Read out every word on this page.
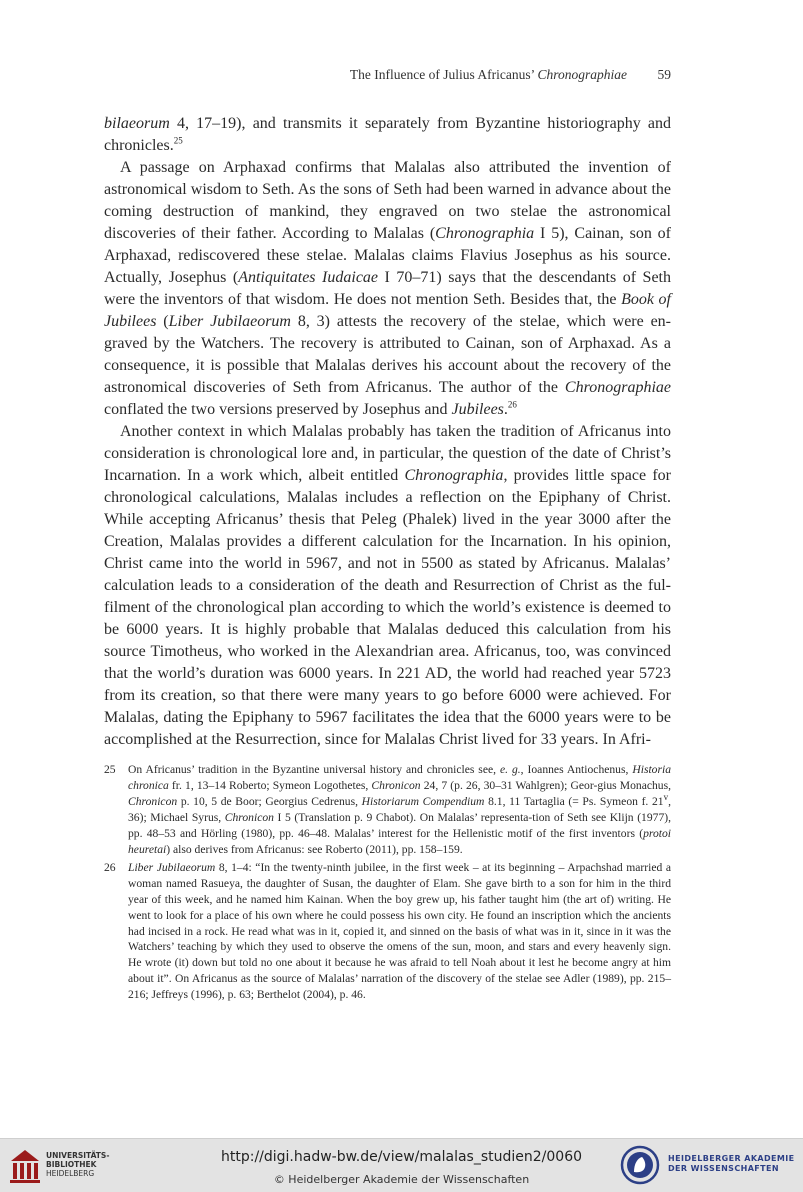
The Influence of Julius Africanus’ Chronographiae 59

bilaeorum 4, 17–19), and transmits it separately from Byzantine historiography and chronicles.$^{25}$

A passage on Arphaxad confirms that Malalas also attributed the invention of astronomical wisdom to Seth. As the sons of Seth had been warned in advance about the coming destruction of mankind, they engraved on two stelae the astronomical discoveries of their father. According to Malalas (Chronographia I 5), Cainan, son of Arphaxad, rediscovered these stelae. Malalas claims Flavius Josephus as his source. Actually, Josephus (Antiquitates Iudaicae I 70–71) says that the descendants of Seth were the inventors of that wisdom. He does not mention Seth. Besides that, the Book of Jubilees (Liber Jubilaeorum 8, 3) attests the recovery of the stelae, which were en-graved by the Watchers. The recovery is attributed to Cainan, son of Arphaxad. As a consequence, it is possible that Malalas derives his account about the recovery of the astronomical discoveries of Seth from Africanus. The author of the Chronographiae conflated the two versions preserved by Josephus and Jubilees.$^{26}$

Another context in which Malalas probably has taken the tradition of Africanus into consideration is chronological lore and, in particular, the question of the date of Christ’s Incarnation. In a work which, albeit entitled Chronographia, provides little space for chronological calculations, Malalas includes a reflection on the Epiphany of Christ. While accepting Africanus’ thesis that Peleg (Phalek) lived in the year 3000 after the Creation, Malalas provides a different calculation for the Incarnation. In his opinion, Christ came into the world in 5967, and not in 5500 as stated by Africanus. Malalas’ calculation leads to a consideration of the death and Resurrection of Christ as the ful-filment of the chronological plan according to which the world’s existence is deemed to be 6000 years. It is highly probable that Malalas deduced this calculation from his source Timotheus, who worked in the Alexandrian area. Africanus, too, was convinced that the world’s duration was 6000 years. In 221 AD, the world had reached year 5723 from its creation, so that there were many years to go before 6000 were achieved. For Malalas, dating the Epiphany to 5967 facilitates the idea that the 6000 years were to be accomplished at the Resurrection, since for Malalas Christ lived for 33 years. In Afri-

25 On Africanus’ tradition in the Byzantine universal history and chronicles see, e. g., Ioannes Antiochenus, Historia chronica fr. 1, 13–14 Roberto; Symeon Logothetes, Chronicon 24, 7 (p. 26, 30–31 Wahlgren); Geor-gius Monachus, Chronicon p. 10, 5 de Boor; Georgius Cedrenus, Historiarum Compendium 8.1, 11 Tartaglia (= Ps. Symeon f. 21$^v$, 36); Michael Syrus, Chronicon I 5 (Translation p. 9 Chabot). On Malalas’ representa-tion of Seth see Klijn (1977), pp. 48–53 and Hörling (1980), pp. 46–48. Malalas’ interest for the Hellenistic motif of the first inventors (protoi heuretai) also derives from Africanus: see Roberto (2011), pp. 158–159.
26 Liber Jubilaeorum 8, 1–4: “In the twenty-ninth jubilee, in the first week – at its beginning – Arpachshad married a woman named Rasueya, the daughter of Susan, the daughter of Elam. She gave birth to a son for him in the third year of this week, and he named him Kainan. When the boy grew up, his father taught him (the art of) writing. He went to look for a place of his own where he could possess his own city. He found an inscription which the ancients had incised in a rock. He read what was in it, copied it, and sinned on the basis of what was in it, since in it was the Watchers’ teaching by which they used to observe the omens of the sun, moon, and stars and every heavenly sign. He wrote (it) down but told no one about it because he was afraid to tell Noah about it lest he become angry at him about it”. On Africanus as the source of Malalas’ narration of the discovery of the stelae see Adler (1989), pp. 215–216; Jeffreys (1996), p. 63; Berthelot (2004), p. 46.
UNIVERSITÄTS-
BIBLIOTHEK
HEIDELBERG
http://digi.hadw-bw.de/view/malalas_studien2/0060
© Heidelberger Akademie der Wissenschaften
HEIDELBERGER AKADEMIE
DER WISSENSCHAFTEN
